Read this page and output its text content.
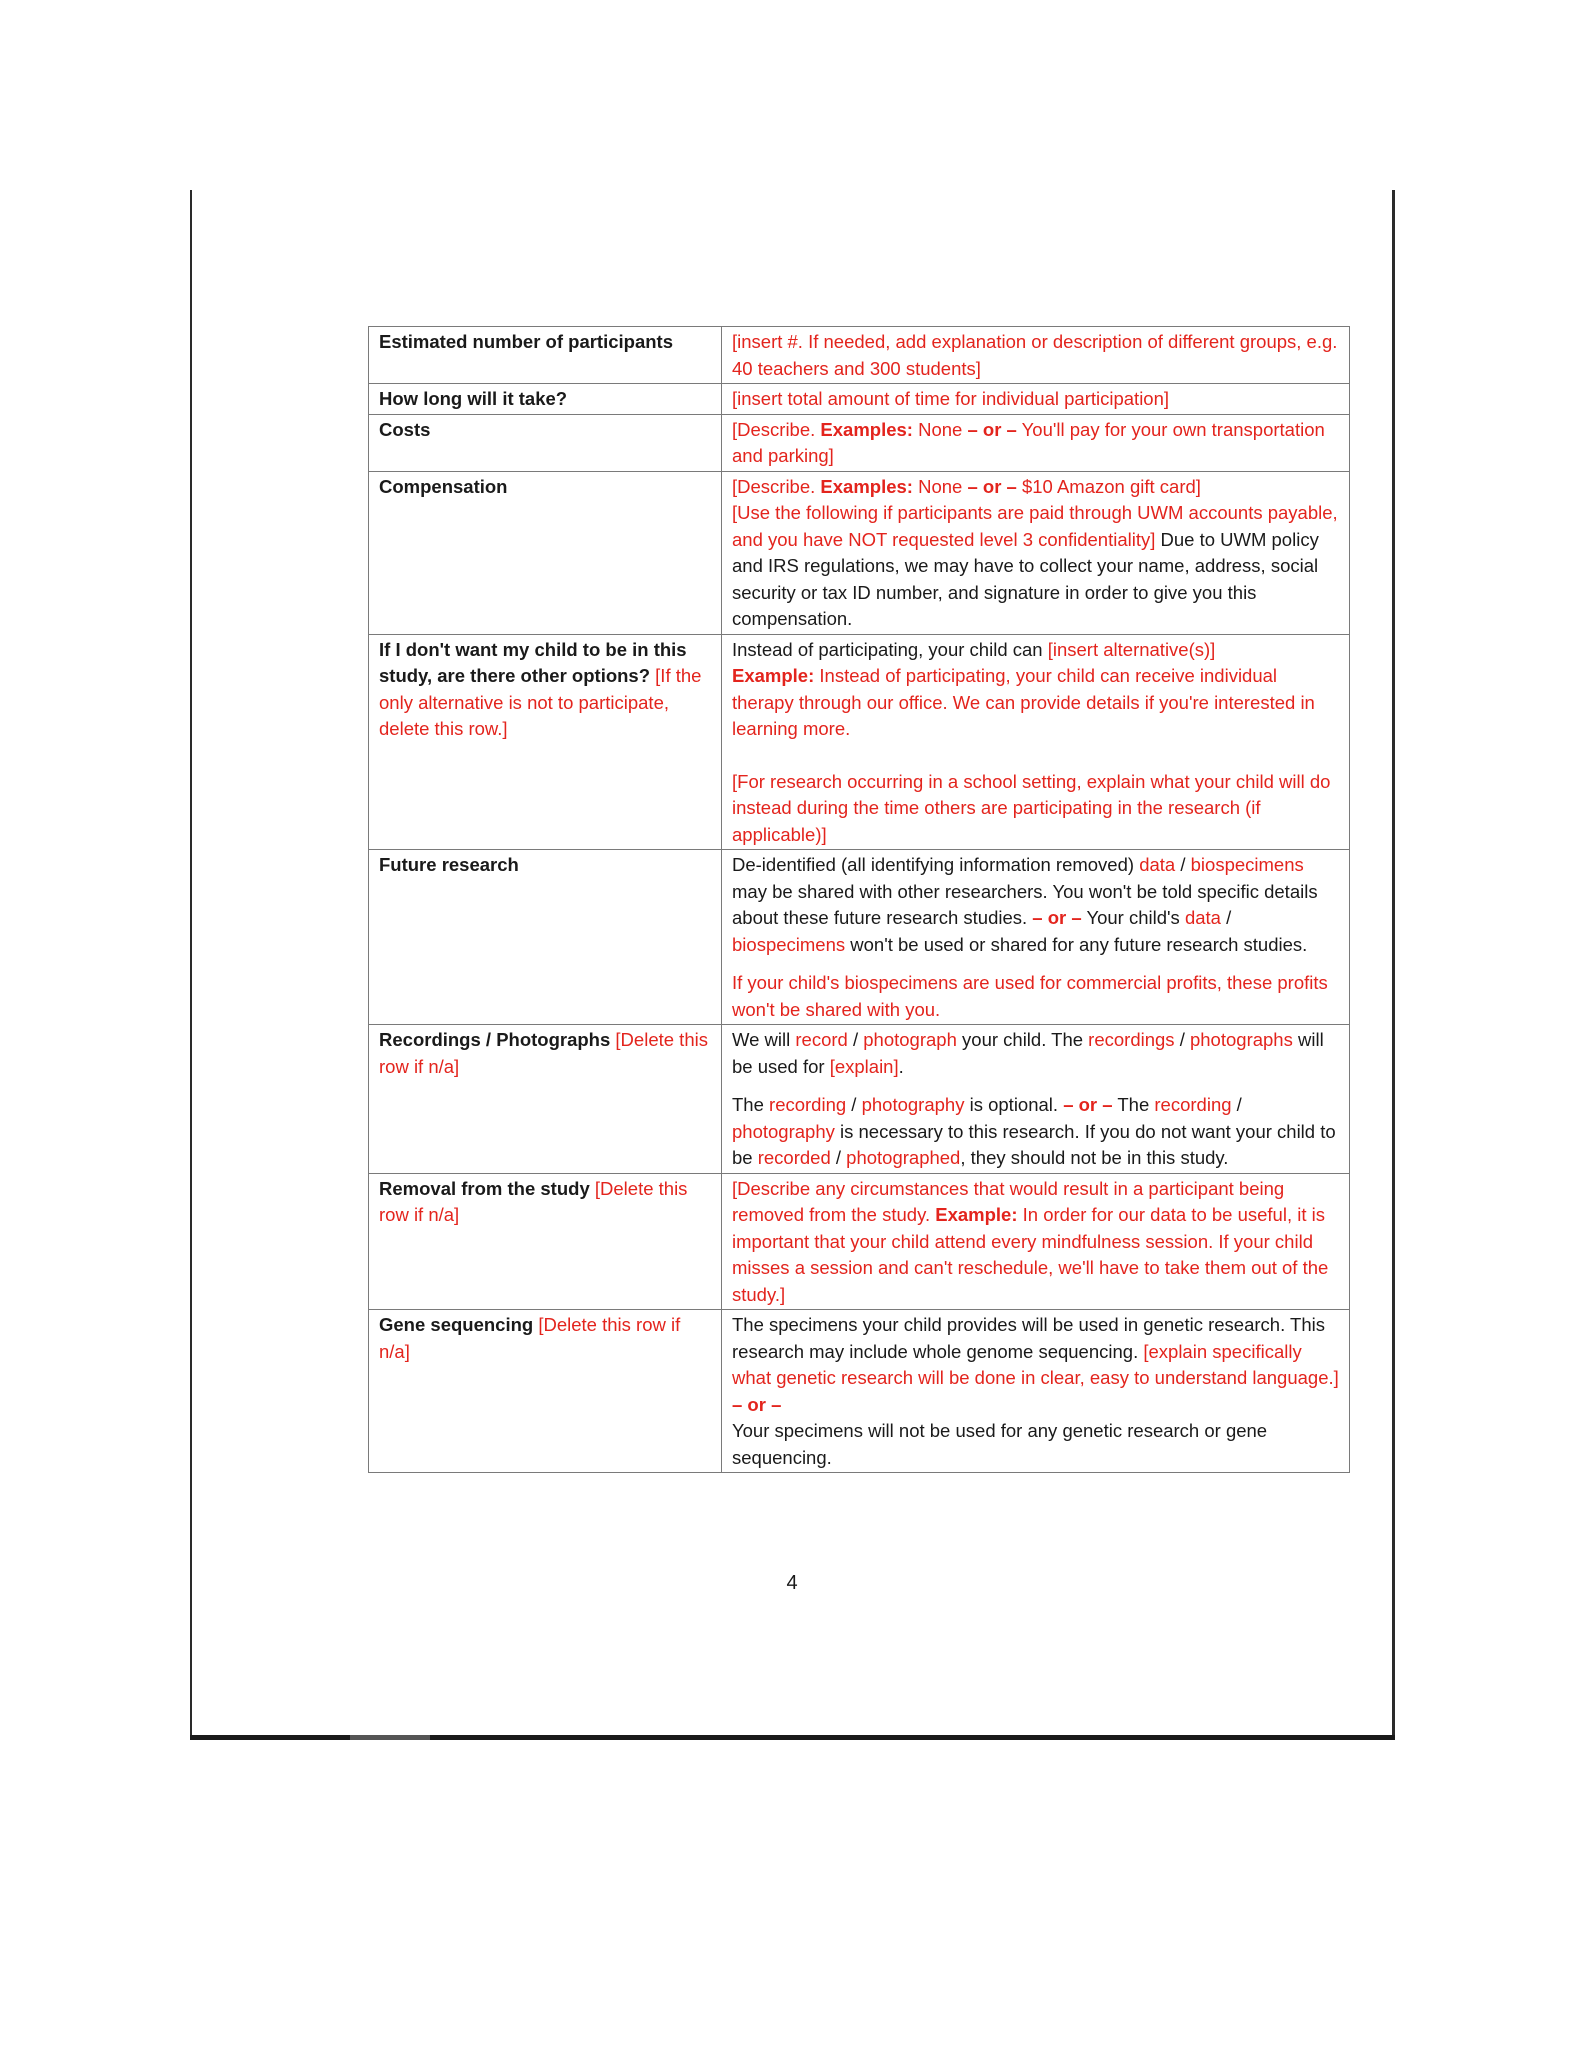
Estimated number of participants	[insert #. If needed, add explanation or description of different groups, e.g. 40 teachers and 300 students]
How long will it take?	[insert total amount of time for individual participation]
Costs	[Describe. Examples: None – or – You'll pay for your own transportation and parking]
Compensation	[Describe. Examples: None – or – $10 Amazon gift card]
[Use the following if participants are paid through UWM accounts payable, and you have NOT requested level 3 confidentiality] Due to UWM policy and IRS regulations, we may have to collect your name, address, social security or tax ID number, and signature in order to give you this compensation.

If I don't want my child to be in this study, are there other options? [If the only alternative is not to participate, delete this row.]	Instead of participating, your child can [insert alternative(s)]
Example: Instead of participating, your child can receive individual therapy through our office. We can provide details if you're interested in learning more.
[For research occurring in a school setting, explain what your child will do instead during the time others are participating in the research (if applicable)]

Future research	De-identified (all identifying information removed) data / biospecimens may be shared with other researchers. You won't be told specific details about these future research studies. – or – Your child's data / biospecimens won't be used or shared for any future research studies.
If your child's biospecimens are used for commercial profits, these profits won't be shared with you.

Recordings / Photographs [Delete this row if n/a]	We will record / photograph your child. The recordings / photographs will be used for [explain].
The recording / photography is optional. – or – The recording / photography is necessary to this research. If you do not want your child to be recorded / photographed, they should not be in this study.

Removal from the study [Delete this row if n/a]	[Describe any circumstances that would result in a participant being removed from the study. Example: In order for our data to be useful, it is important that your child attend every mindfulness session. If your child misses a session and can't reschedule, we'll have to take them out of the study.]
Gene sequencing [Delete this row if n/a]	The specimens your child provides will be used in genetic research. This research may include whole genome sequencing. [explain specifically what genetic research will be done in clear, easy to understand language.]
– or –
Your specimens will not be used for any genetic research or gene sequencing.
4
